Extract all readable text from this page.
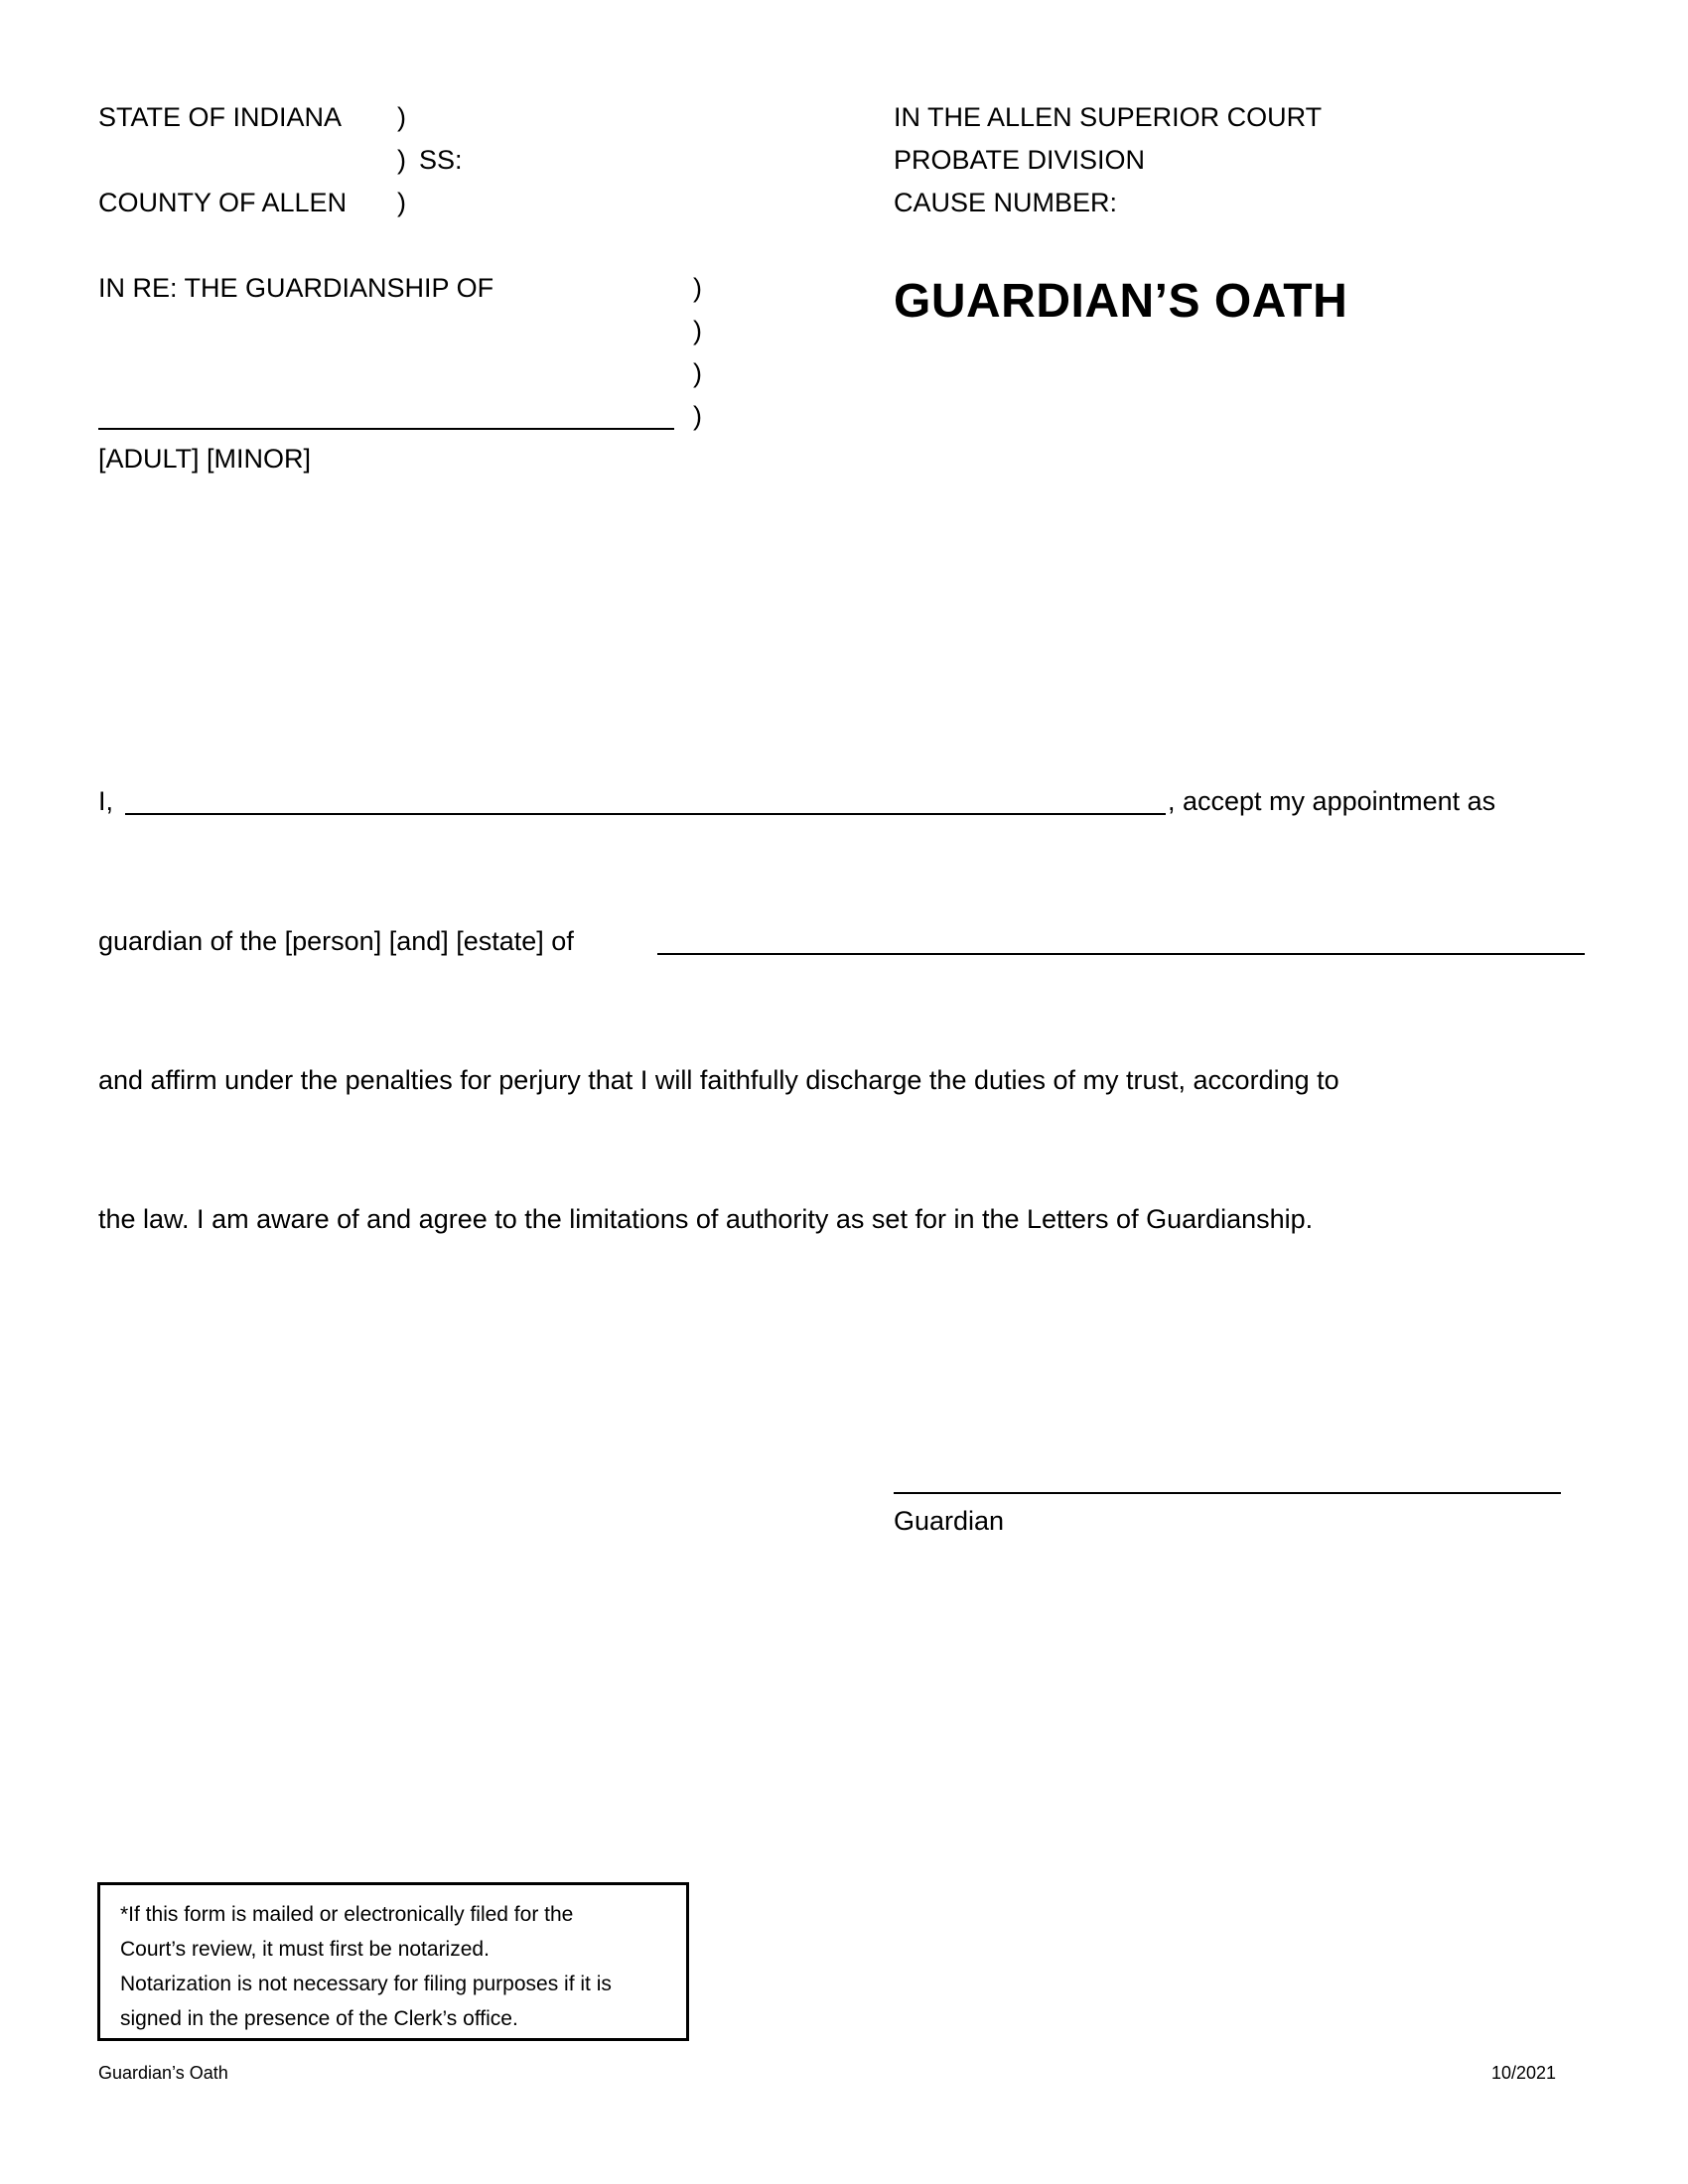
STATE OF INDIANA )
) SS:
COUNTY OF ALLEN )
IN THE ALLEN SUPERIOR COURT
PROBATE DIVISION
CAUSE NUMBER:
IN RE: THE GUARDIANSHIP OF	)
)
)
)
[ADULT] [MINOR]
GUARDIAN’S OATH
I,	, accept my appointment as
guardian of the [person] [and] [estate] of
and affirm under the penalties for perjury that I will faithfully discharge the duties of my trust, according to
the law. I am aware of and agree to the limitations of authority as set for in the Letters of Guardianship.
Guardian
*If this form is mailed or electronically filed for the
Court’s review, it must first be notarized.
Notarization is not necessary for filing purposes if it is
signed in the presence of the Clerk’s office.
Guardian’s Oath	10/2021
